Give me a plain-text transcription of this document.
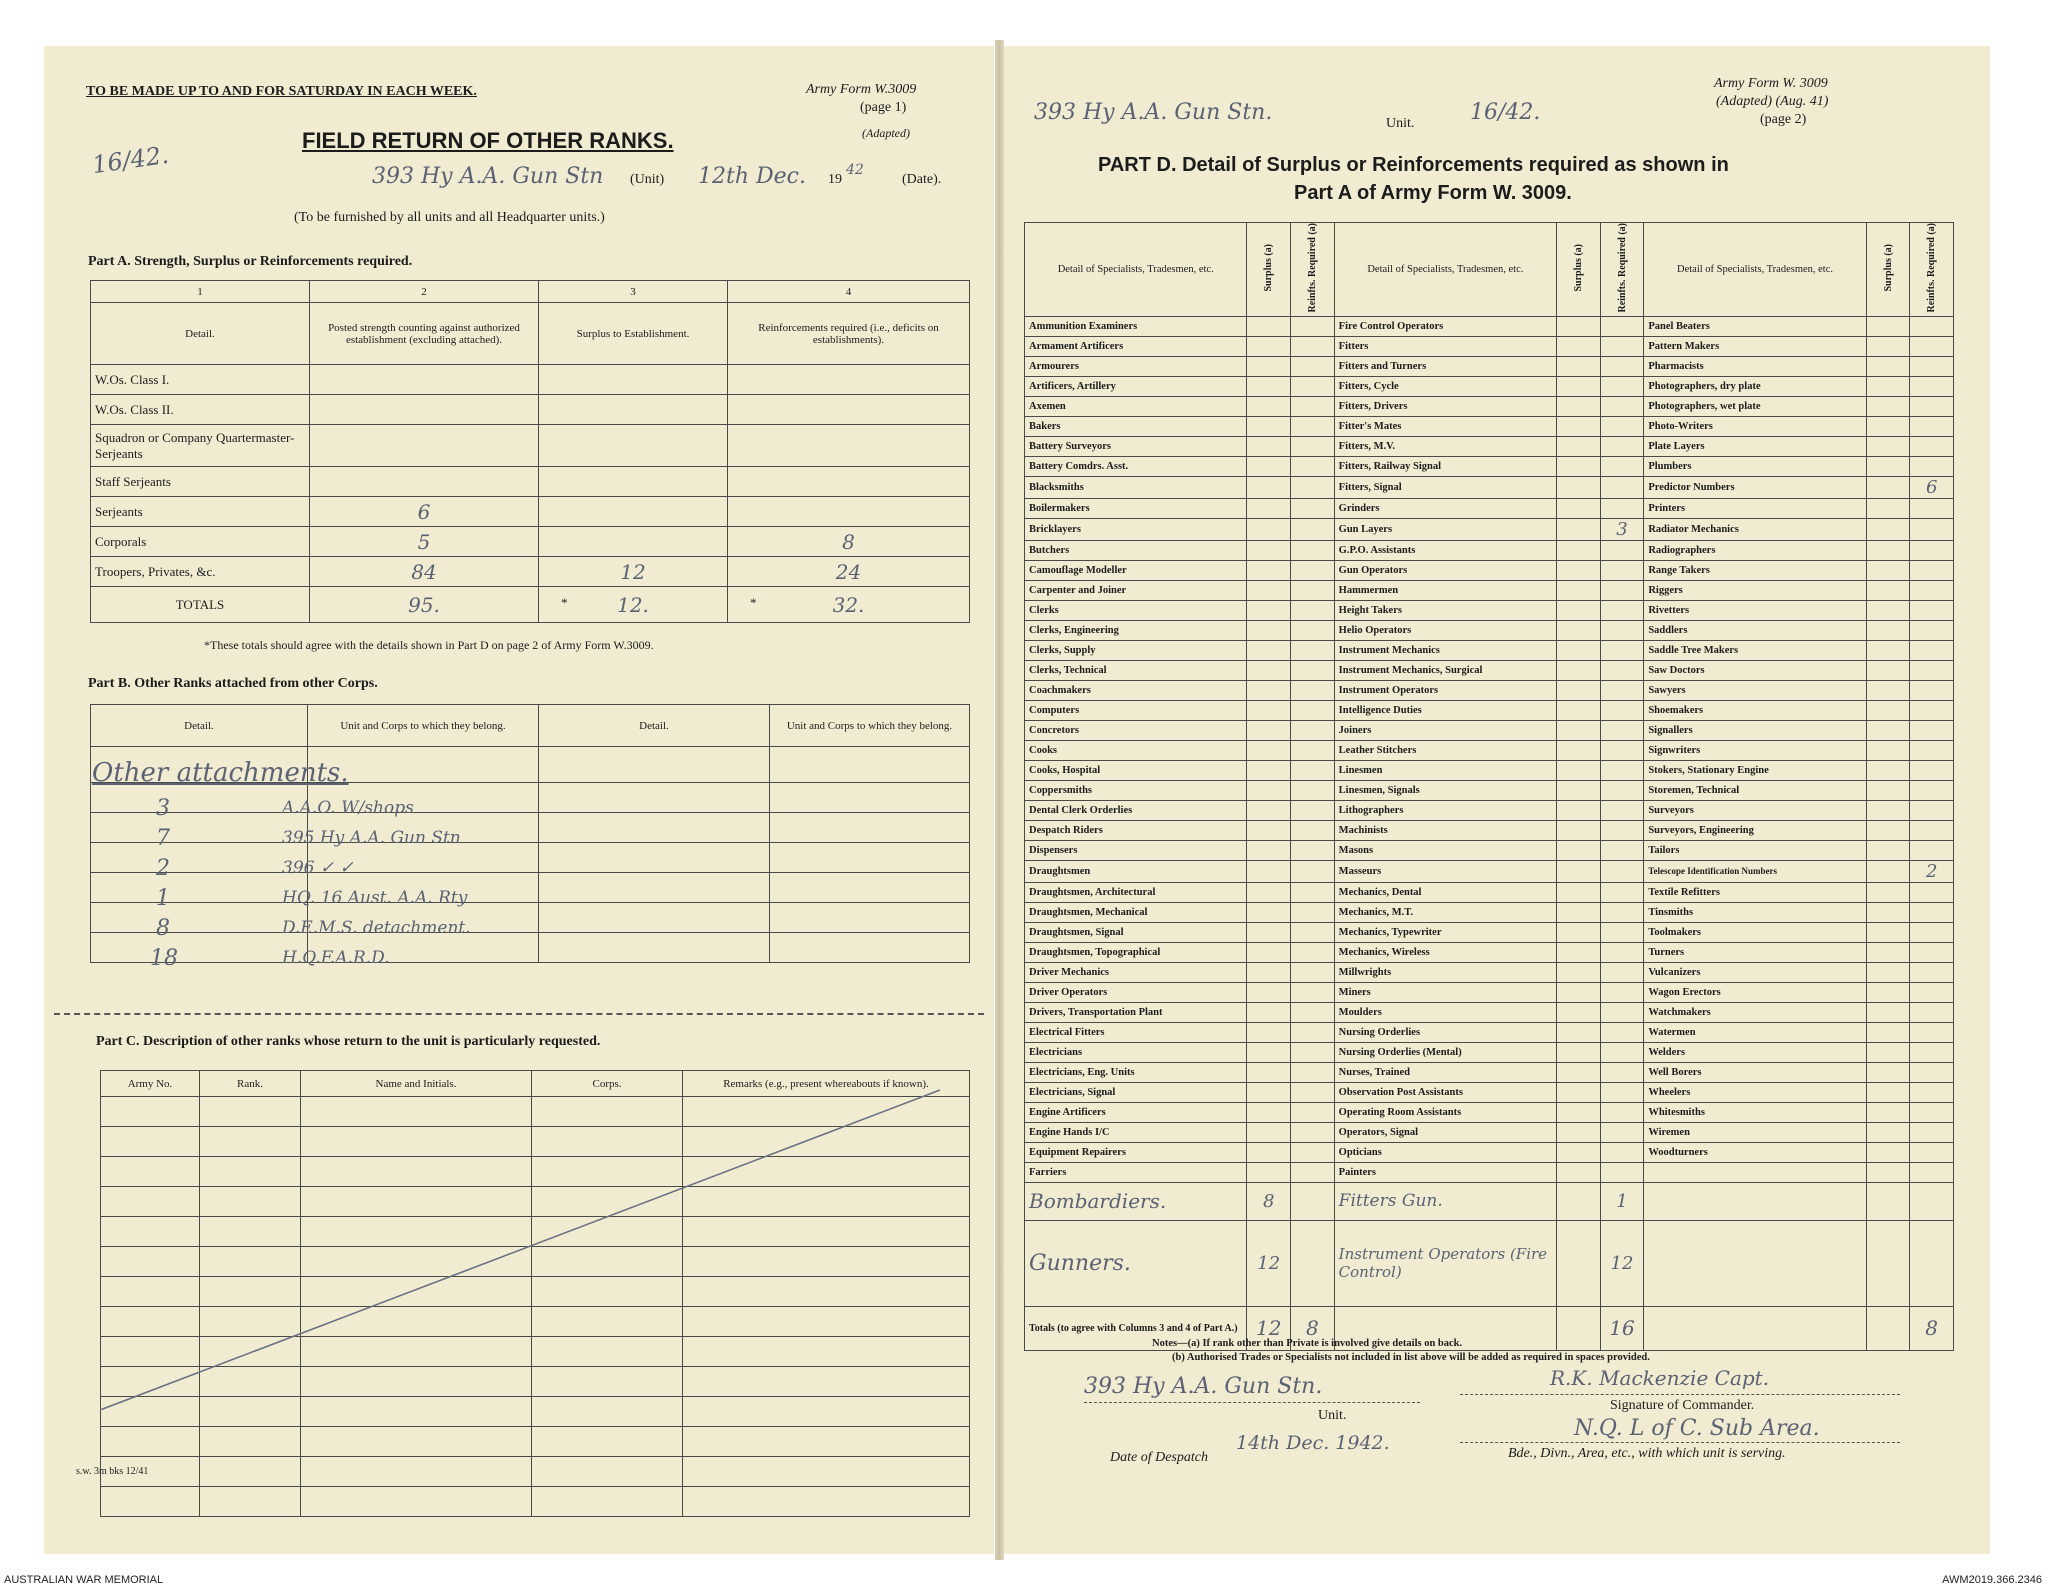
TO BE MADE UP TO AND FOR SATURDAY IN EACH WEEK.	Army Form W.3009
(page 1)
(Adapted)
FIELD RETURN OF OTHER RANKS.
16/42.	393 Hy A.A. Gun Stn (Unit) 12th Dec. 19
42
(Date).
(To be furnished by all units and all Headquarter units.)
Part A. Strength, Surplus or Reinforcements required.
1	2	3	4
Detail.	Posted strength counting against authorized establishment (excluding attached).	Surplus to Establishment.	Reinforcements required (i.e., deficits on establishments).
W.Os. Class I.			
W.Os. Class II.			
Squadron or Company Quartermaster-Serjeants			
Staff Serjeants			
Serjeants	6		
Corporals	5		8
Troopers, Privates, &c.	84	12	24
TOTALS	95.	* 12.	* 32.
*These totals should agree with the details shown in Part D on page 2 of Army Form W.3009.
Part B. Other Ranks attached from other Corps.
Detail.	Unit and Corps to which they belong.	Detail.	Unit and Corps to which they belong.

Other attachments.
3	A.A.O. W/shops
7	395 Hy A.A. Gun Stn
2	396 ✓ ✓
1	HQ. 16 Aust. A.A. Rty
8	D.E.M.S. detachment.
18	H.Q.F.A.R.D.
Part C. Description of other ranks whose return to the unit is particularly requested.
Army No.	Rank.	Name and Initials.	Corps.	Remarks (e.g., present whereabouts if known).

s.w. 3m bks 12/41
393 Hy A.A. Gun Stn.	Unit.	16/42.
Army Form W. 3009
(Adapted) (Aug. 41)
(page 2)
PART D. Detail of Surplus or Reinforcements required as shown in
Part A of Army Form W. 3009.
Detail of Specialists, Tradesmen, etc.	Surplus (a)	Reinfts. Required (a)	Detail of Specialists, Tradesmen, etc.	Surplus (a)	Reinfts. Required (a)	Detail of Specialists, Tradesmen, etc.	Surplus (a)	Reinfts. Required (a)
Ammunition Examiners			Fire Control Operators			Panel Beaters		
Armament Artificers			Fitters			Pattern Makers		
Armourers			Fitters and Turners			Pharmacists		
Artificers, Artillery			Fitters, Cycle			Photographers, dry plate		
Axemen			Fitters, Drivers			Photographers, wet plate		
Bakers			Fitter's Mates			Photo-Writers		
Battery Surveyors			Fitters, M.V.			Plate Layers		
Battery Comdrs. Asst.			Fitters, Railway Signal			Plumbers		
Blacksmiths			Fitters, Signal			Predictor Numbers		6
Boilermakers			Grinders			Printers		
Bricklayers			Gun Layers		3	Radiator Mechanics		
Butchers			G.P.O. Assistants			Radiographers		
Camouflage Modeller			Gun Operators			Range Takers		
Carpenter and Joiner			Hammermen			Riggers		
Clerks			Height Takers			Rivetters		
Clerks, Engineering			Helio Operators			Saddlers		
Clerks, Supply			Instrument Mechanics			Saddle Tree Makers		
Clerks, Technical			Instrument Mechanics, Surgical			Saw Doctors		
Coachmakers			Instrument Operators			Sawyers		
Computers			Intelligence Duties			Shoemakers		
Concretors			Joiners			Signallers		
Cooks			Leather Stitchers			Signwriters		
Cooks, Hospital			Linesmen			Stokers, Stationary Engine		
Coppersmiths			Linesmen, Signals			Storemen, Technical		
Dental Clerk Orderlies			Lithographers			Surveyors		
Despatch Riders			Machinists			Surveyors, Engineering		
Dispensers			Masons			Tailors		
Draughtsmen			Masseurs			Telescope Identification Numbers		2
Draughtsmen, Architectural			Mechanics, Dental			Textile Refitters		
Draughtsmen, Mechanical			Mechanics, M.T.			Tinsmiths		
Draughtsmen, Signal			Mechanics, Typewriter			Toolmakers		
Draughtsmen, Topographical			Mechanics, Wireless			Turners		
Driver Mechanics			Millwrights			Vulcanizers		
Driver Operators			Miners			Wagon Erectors		
Drivers, Transportation Plant			Moulders			Watchmakers		
Electrical Fitters			Nursing Orderlies			Watermen		
Electricians			Nursing Orderlies (Mental)			Welders		
Electricians, Eng. Units			Nurses, Trained			Well Borers		
Electricians, Signal			Observation Post Assistants			Wheelers		
Engine Artificers			Operating Room Assistants			Whitesmiths		
Engine Hands I/C			Operators, Signal			Wiremen		
Equipment Repairers			Opticians			Woodturners		
Farriers			Painters					
Bombardiers.	8		Fitters Gun.		1			
Gunners.	12		Instrument Operators (Fire Control)		12			
Totals (to agree with Columns 3 and 4 of Part A.)	12	8			16			8
Notes—(a) If rank other than Private is involved give details on back.
(b) Authorised Trades or Specialists not included in list above will be added as required in spaces provided.
393 Hy A.A. Gun Stn.
Unit.
R.K. Mackenzie Capt.
Signature of Commander.
Date of Despatch
14th Dec. 1942.
N.Q. L of C. Sub Area.
Bde., Divn., Area, etc., with which unit is serving.
AUSTRALIAN WAR MEMORIAL	AWM2019.366.2346
